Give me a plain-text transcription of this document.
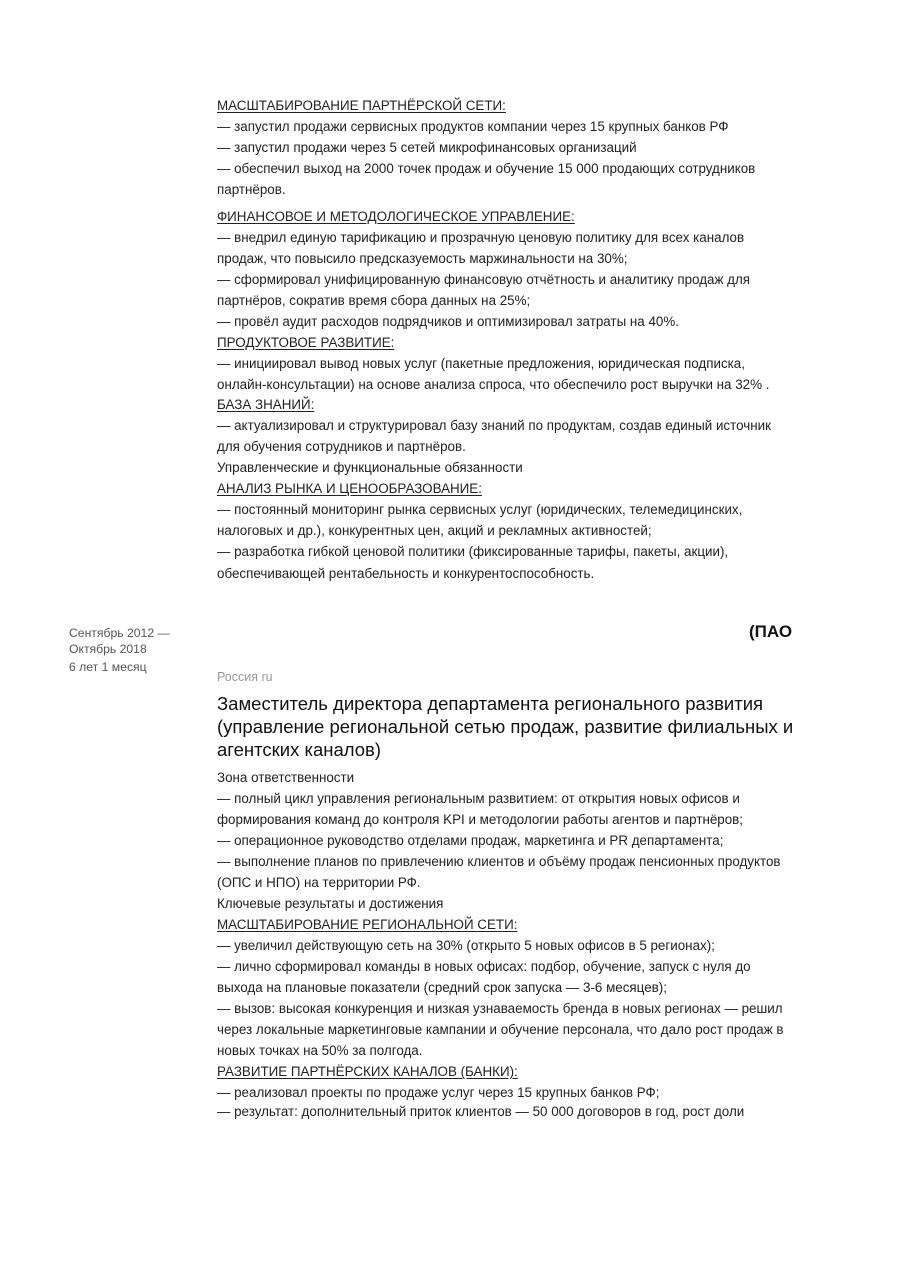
МАСШТАБИРОВАНИЕ ПАРТНЁРСКОЙ СЕТИ:
— запустил продажи сервисных продуктов компании через 15 крупных банков РФ
— запустил продажи через 5 сетей микрофинансовых организаций
— обеспечил выход на 2000 точек продаж и обучение 15 000 продающих сотрудников
партнёров.
ФИНАНСОВОЕ И МЕТОДОЛОГИЧЕСКОЕ УПРАВЛЕНИЕ:
— внедрил единую тарификацию и прозрачную ценовую политику для всех каналов
продаж, что повысило предсказуемость маржинальности на 30%;
— сформировал унифицированную финансовую отчётность и аналитику продаж для
партнёров, сократив время сбора данных на 25%;
— провёл аудит расходов подрядчиков и оптимизировал затраты на 40%.
ПРОДУКТОВОЕ РАЗВИТИЕ:
— инициировал вывод новых услуг (пакетные предложения, юридическая подписка,
онлайн-консультации) на основе анализа спроса, что обеспечило рост выручки на 32% .
БАЗА ЗНАНИЙ:
— актуализировал и структурировал базу знаний по продуктам, создав единый источник
для обучения сотрудников и партнёров.
Управленческие и функциональные обязанности
АНАЛИЗ РЫНКА И ЦЕНООБРАЗОВАНИЕ:
— постоянный мониторинг рынка сервисных услуг (юридических, телемедицинских,
налоговых и др.), конкурентных цен, акций и рекламных активностей;
— разработка гибкой ценовой политики (фиксированные тарифы, пакеты, акции),
обеспечивающей рентабельность и конкурентоспособность.
Сентябрь 2012 —
Октябрь 2018
6 лет 1 месяц
(ПАО
Россия ru
Заместитель директора департамента регионального развития
(управление региональной сетью продаж, развитие филиальных и
агентских каналов)
Зона ответственности
— полный цикл управления региональным развитием: от открытия новых офисов и
формирования команд до контроля KPI и методологии работы агентов и партнёров;
— операционное руководство отделами продаж, маркетинга и PR департамента;
— выполнение планов по привлечению клиентов и объёму продаж пенсионных продуктов
(ОПС и НПО) на территории РФ.
Ключевые результаты и достижения
МАСШТАБИРОВАНИЕ РЕГИОНАЛЬНОЙ СЕТИ:
— увеличил действующую сеть на 30% (открыто 5 новых офисов в 5 регионах);
— лично сформировал команды в новых офисах: подбор, обучение, запуск с нуля до
выхода на плановые показатели (средний срок запуска — 3-6 месяцев);
— вызов: высокая конкуренция и низкая узнаваемость бренда в новых регионах — решил
через локальные маркетинговые кампании и обучение персонала, что дало рост продаж в
новых точках на 50% за полгода.
РАЗВИТИЕ ПАРТНЁРСКИХ КАНАЛОВ (БАНКИ):
— реализовал проекты по продаже услуг через 15 крупных банков РФ;
— результат: дополнительный приток клиентов — 50 000 договоров в год, рост доли
